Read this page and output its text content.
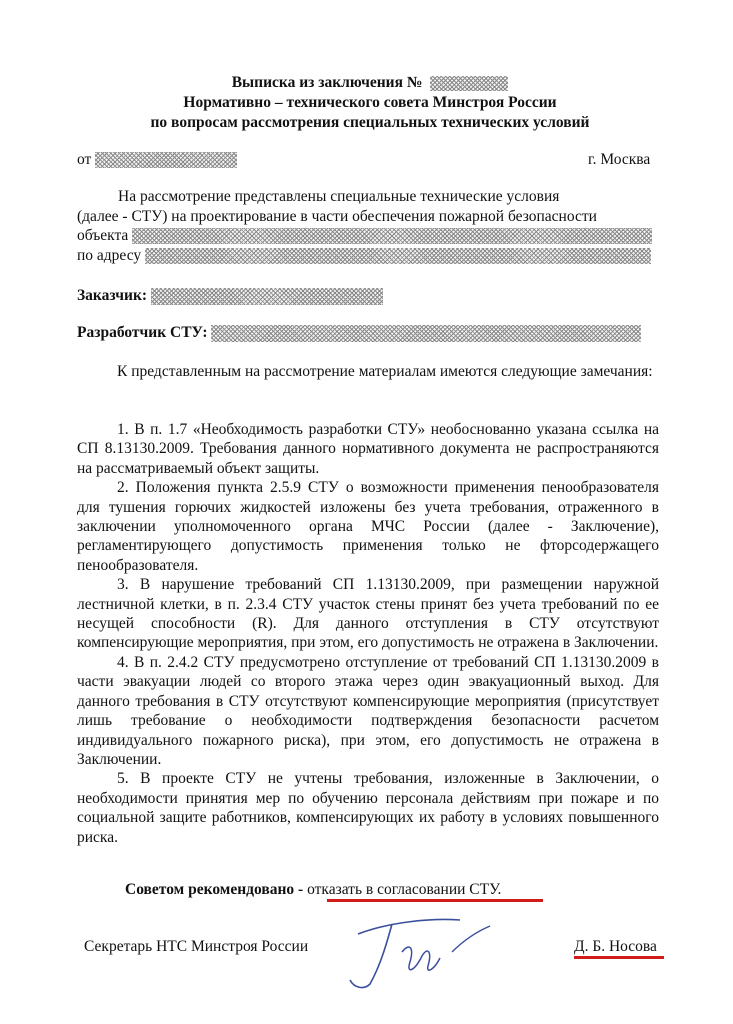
Выписка из заключения №
Нормативно – технического совета Минстроя России
по вопросам рассмотрения специальных технических условий
от	г. Москва
На рассмотрение представлены специальные технические условия
(далее - СТУ) на проектирование в части обеспечения пожарной безопасности
объекта
по адресу
Заказчик:
Разработчик СТУ:

К представленным на рассмотрение материалам имеются следующие замечания:

1. В п. 1.7 «Необходимость разработки СТУ» необоснованно указана ссылка на СП 8.13130.2009. Требования данного нормативного документа не распространяются на рассматриваемый объект защиты.

2. Положения пункта 2.5.9 СТУ о возможности применения пенообразователя для тушения горючих жидкостей изложены без учета требования, отраженного в заключении уполномоченного органа МЧС России (далее - Заключение), регламентирующего допустимость применения только не фторсодержащего пенообразователя.

3. В нарушение требований СП 1.13130.2009, при размещении наружной лестничной клетки, в п. 2.3.4 СТУ участок стены принят без учета требований по ее несущей способности (R). Для данного отступления в СТУ отсутствуют компенсирующие мероприятия, при этом, его допустимость не отражена в Заключении.

4. В п. 2.4.2 СТУ предусмотрено отступление от требований СП 1.13130.2009 в части эвакуации людей со второго этажа через один эвакуационный выход. Для данного требования в СТУ отсутствуют компенсирующие мероприятия (присутствует лишь требование о необходимости подтверждения безопасности расчетом индивидуального пожарного риска), при этом, его допустимость не отражена в Заключении.

5. В проекте СТУ не учтены требования, изложенные в Заключении, о необходимости принятия мер по обучению персонала действиям при пожаре и по социальной защите работников, компенсирующих их работу в условиях повышенного риска.

Советом рекомендовано - отказать в согласовании СТУ.
Секретарь НТС Минстроя России	Д. Б. Носова
